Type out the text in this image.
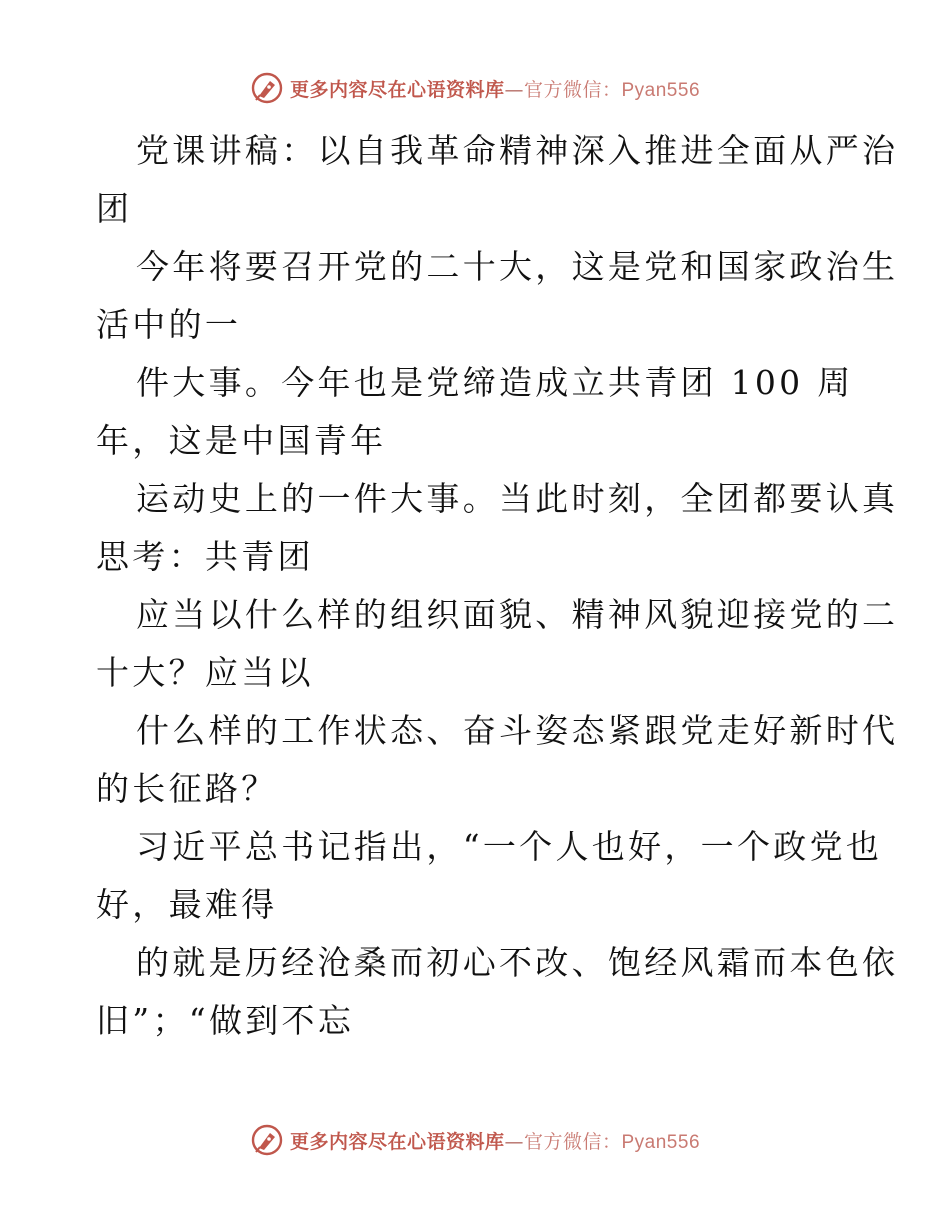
更多内容尽在心语资料库—官方微信：Pyan556
党课讲稿：以自我革命精神深入推进全面从严治
团
今年将要召开党的二十大，这是党和国家政治生
活中的一
件大事。今年也是党缔造成立共青团 100 周
年，这是中国青年
运动史上的一件大事。当此时刻，全团都要认真
思考：共青团
应当以什么样的组织面貌、精神风貌迎接党的二
十大？应当以
什么样的工作状态、奋斗姿态紧跟党走好新时代
的长征路？
习近平总书记指出，“一个人也好，一个政党也
好，最难得
的就是历经沧桑而初心不改、饱经风霜而本色依
旧”；“做到不忘
更多内容尽在心语资料库—官方微信：Pyan556
